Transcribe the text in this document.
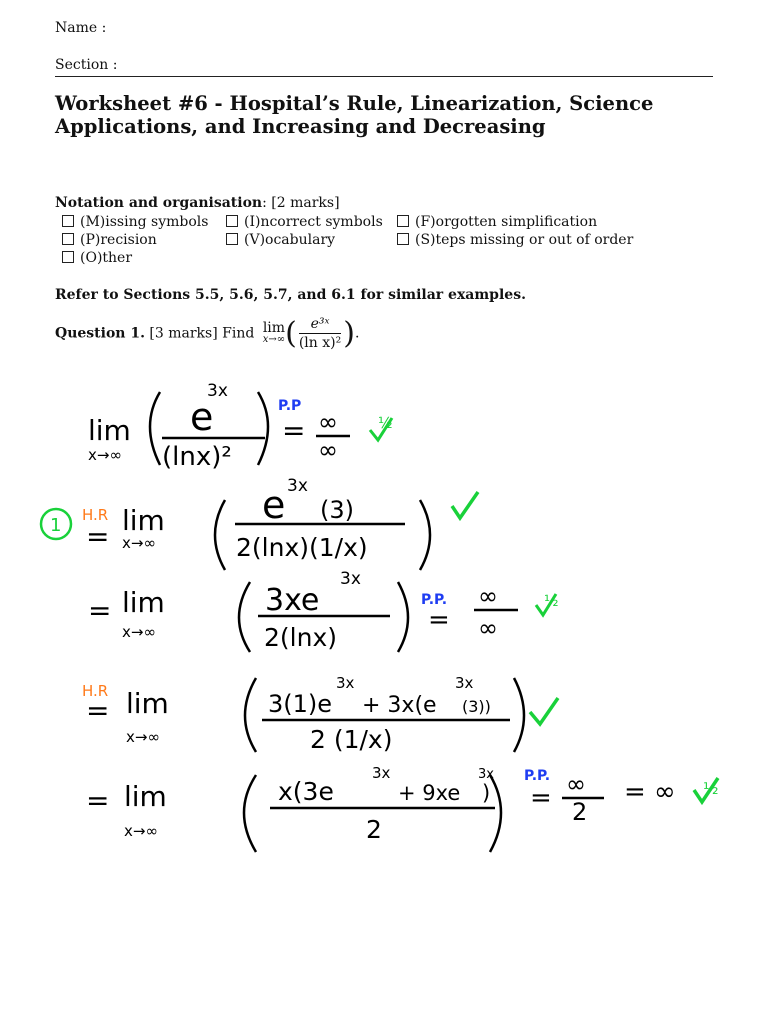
Name :
Section :
Worksheet #6 - Hospital’s Rule, Linearization, Science Applications, and Increasing and Decreasing
Notation and organisation: [2 marks]
(M)issing symbols	(I)ncorrect symbols	(F)orgotten simplification
(P)recision	(V)ocabulary	(S)teps missing or out of order
(O)ther
Refer to Sections 5.5, 5.6, 5.7, and 6.1 for similar examples.
Question 1. [3 marks] Find lim
x→∞ ( $\frac{\text{e³ˣ}}{\text{(ln x)²}}$ ).
lim
x→∞
e
3x
(lnx)²
P.P
= ∞
∞
½
1 H.R
= lim
x→∞
e 3x
(3)
2(lnx)(1/x)
= lim
x→∞
3xe
3x
2(lnx)
P.P.
=
∞
∞
½
H.R
= lim
x→∞
3(1)e
3x
+ 3x(e
3x
(3))
2 (1/x)
= lim
x→∞
x(3e
3x
+ 9xe
3x
)
2
P.P.
= ∞
2
= ∞ ½
